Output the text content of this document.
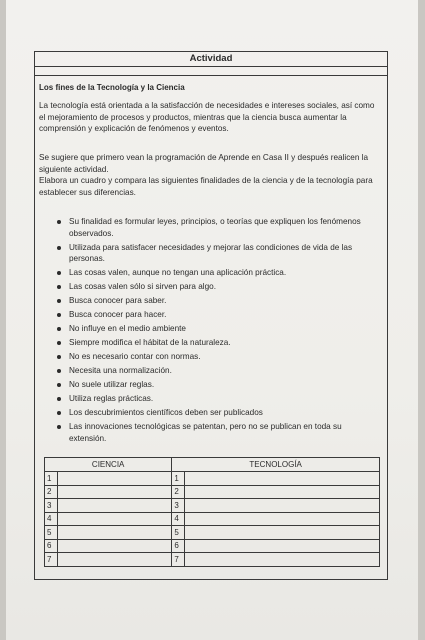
Actividad
Los fines de la Tecnología y la Ciencia
La tecnología está orientada a la satisfacción de necesidades e intereses sociales, así como el mejoramiento de procesos y productos, mientras que la ciencia busca aumentar la comprensión y explicación de fenómenos y eventos.
Se sugiere que primero vean la programación de Aprende en Casa II y después realicen la siguiente actividad.
Elabora un cuadro y compara las siguientes finalidades de la ciencia y de la tecnología para establecer sus diferencias.
Su finalidad es formular leyes, principios, o teorías que expliquen los fenómenos observados.
Utilizada para satisfacer necesidades y mejorar las condiciones de vida de las personas.
Las cosas valen, aunque no tengan una aplicación práctica.
Las cosas valen sólo si sirven para algo.
Busca conocer para saber.
Busca conocer para hacer.
No influye en el medio ambiente
Siempre modifica el hábitat de la naturaleza.
No es necesario contar con normas.
Necesita una normalización.
No suele utilizar reglas.
Utiliza reglas prácticas.
Los descubrimientos científicos deben ser publicados
Las innovaciones tecnológicas se patentan, pero no se publican en toda su extensión.
CIENCIA		TECNOLOGÍA	
1		1	
2		2	
3		3	
4		4	
5		5	
6		6	
7		7	
